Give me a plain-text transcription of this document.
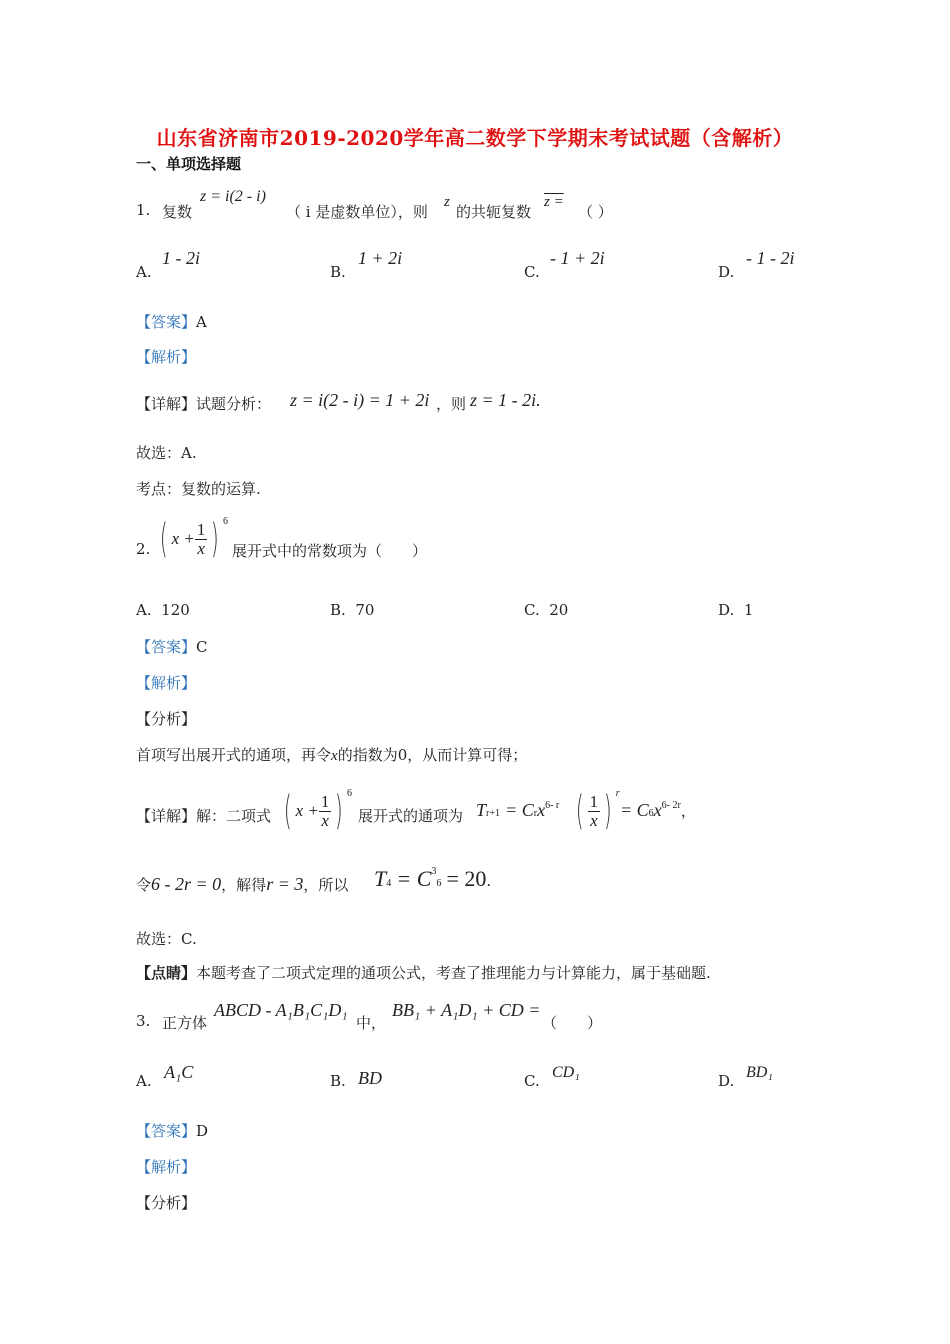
山东省济南市2019-2020学年高二数学下学期末考试试题（含解析）
一、单项选择题
1. 复数
z = i(2 - i)
（ i 是虚数单位），则
z
的共轭复数
z =
（ ）
A.
1 - 2i
B.
1 + 2i
C.
- 1 + 2i
D.
- 1 - 2i
【答案】A
【解析】
【详解】试题分析： z = i(2 - i) = 1 + 2i ，则 z = 1 - 2i.
故选：A.
考点：复数的运算.
2. ( $x + \frac{1}{x}$ ) 6
展开式中的常数项为（　　）
A. 120	B. 70	C. 20	D. 1
【答案】C
【解析】
【分析】
首项写出展开式的通项，再令x的指数为0，从而计算可得；
【详解】解：二项式 ( $x + \frac{1}{x}$ ) 6
展开式的通项为 Tr+1 = Crx$^{6- r}$ ( $\frac{1}{x}$ ) r
= $C6x^{6- 2r}$，
令6 - 2r = 0，解得r = 3，所以 $T4 = C^36 = 20$.
故选：C.
【点睛】本题考查了二项式定理的通项公式，考查了推理能力与计算能力，属于基础题.
3. 正方体
ABCD - A₁B₁C₁D₁
中，
BB₁ + A₁D₁ + CD =
（　　）
A. A₁C	B. BD	C. CD₁	D. BD₁
【答案】D
【解析】
【分析】
